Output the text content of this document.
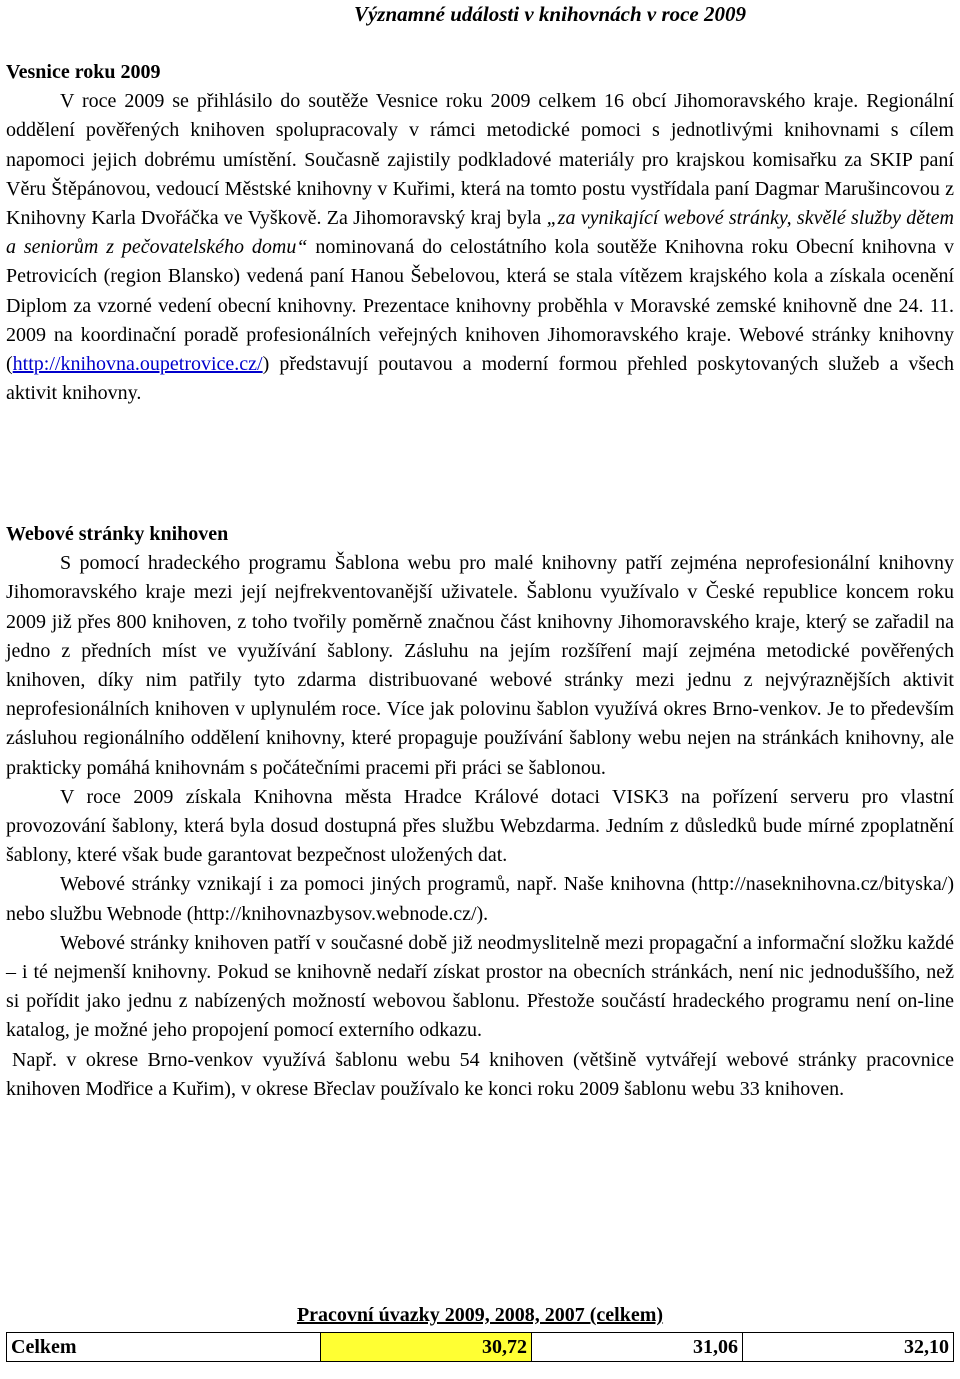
Významné události v knihovnách v roce 2009

Vesnice roku 2009

V roce 2009 se přihlásilo do soutěže Vesnice roku 2009 celkem 16 obcí Jihomoravského kraje. Regionální oddělení pověřených knihoven spolupracovaly v rámci metodické pomoci s jednotlivými knihovnami s cílem napomoci jejich dobrému umístění. Současně zajistily podkladové materiály pro krajskou komisařku za SKIP paní Věru Štěpánovou, vedoucí Městské knihovny v Kuřimi, která na tomto postu vystřídala paní Dagmar Marušincovou z Knihovny Karla Dvořáčka ve Vyškově. Za Jihomoravský kraj byla „za vynikající webové stránky, skvělé služby dětem a seniorům z pečovatelského domu“ nominovaná do celostátního kola soutěže Knihovna roku Obecní knihovna v Petrovicích (region Blansko) vedená paní Hanou Šebelovou, která se stala vítězem krajského kola a získala ocenění Diplom za vzorné vedení obecní knihovny. Prezentace knihovny proběhla v Moravské zemské knihovně dne 24. 11. 2009 na koordinační poradě profesionálních veřejných knihoven Jihomoravského kraje. Webové stránky knihovny (http://knihovna.oupetrovice.cz/) představují poutavou a moderní formou přehled poskytovaných služeb a všech aktivit knihovny.

Webové stránky knihoven

S pomocí hradeckého programu Šablona webu pro malé knihovny patří zejména neprofesionální knihovny Jihomoravského kraje mezi její nejfrekventovanější uživatele. Šablonu využívalo v České republice koncem roku 2009 již přes 800 knihoven, z toho tvořily poměrně značnou část knihovny Jihomoravského kraje, který se zařadil na jedno z předních míst ve využívání šablony. Zásluhu na jejím rozšíření mají zejména metodické pověřených knihoven, díky nim patřily tyto zdarma distribuované webové stránky mezi jednu z nejvýraznějších aktivit neprofesionálních knihoven v uplynulém roce. Více jak polovinu šablon využívá okres Brno-venkov. Je to především zásluhou regionálního oddělení knihovny, které propaguje používání šablony webu nejen na stránkách knihovny, ale prakticky pomáhá knihovnám s počátečními pracemi při práci se šablonou.

V roce 2009 získala Knihovna města Hradce Králové dotaci VISK3 na pořízení serveru pro vlastní provozování šablony, která byla dosud dostupná přes službu Webzdarma. Jedním z důsledků bude mírné zpoplatnění šablony, které však bude garantovat bezpečnost uložených dat.

Webové stránky vznikají i za pomoci jiných programů, např. Naše knihovna (http://naseknihovna.cz/bityska/) nebo službu Webnode (http://knihovnazbysov.webnode.cz/).

Webové stránky knihoven patří v současné době již neodmyslitelně mezi propagační a informační složku každé – i té nejmenší knihovny. Pokud se knihovně nedaří získat prostor na obecních stránkách, není nic jednoduššího, než si pořídit jako jednu z nabízených možností webovou šablonu. Přestože součástí hradeckého programu není on-line katalog, je možné jeho propojení pomocí externího odkazu.

Např. v okrese Brno-venkov využívá šablonu webu 54 knihoven (většině vytvářejí webové stránky pracovnice knihoven Modřice a Kuřim), v okrese Břeclav používalo ke konci roku 2009 šablonu webu 33 knihoven.

Pracovní úvazky 2009, 2008, 2007 (celkem)

Celkem	30,72	31,06	32,10
